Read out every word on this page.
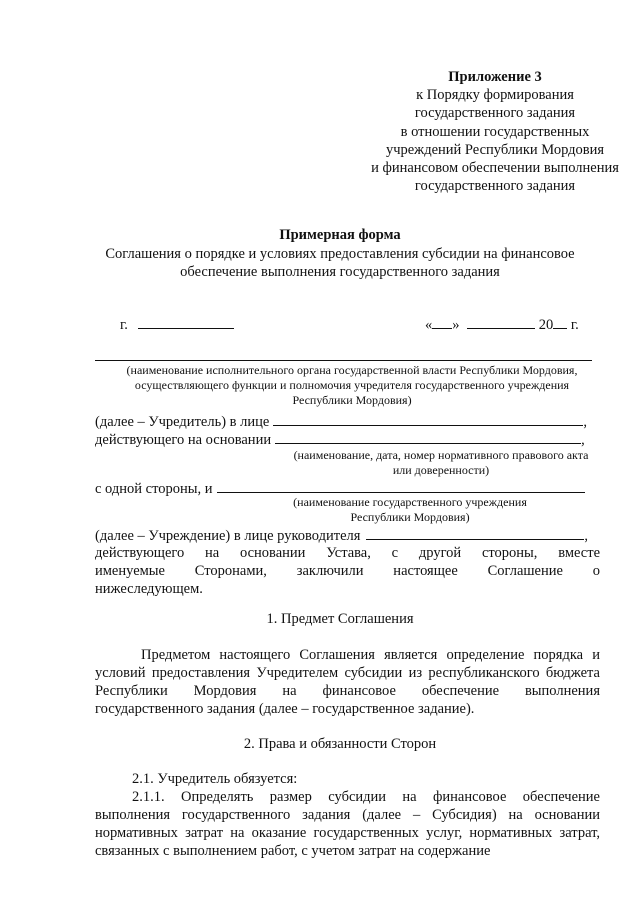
Приложение 3
к Порядку формирования
государственного задания
в отношении государственных
учреждений Республики Мордовия
и финансовом обеспечении выполнения
государственного задания
Примерная форма
Соглашения о порядке и условиях предоставления субсидии на финансовое обеспечение выполнения государственного задания
г.	« »	20 г.
(наименование исполнительного органа государственной власти Республики Мордовия, осуществляющего функции и полномочия учредителя государственного учреждения Республики Мордовия)
(далее – Учредитель) в лице	,
действующего на основании	,
(наименование, дата, номер нормативного правового акта или доверенности)
с одной стороны, и
(наименование государственного учреждения Республики Мордовия)
(далее – Учреждение) в лице руководителя	,
действующего на основании Устава, с другой стороны, вместе
именуемые Сторонами, заключили настоящее Соглашение о
нижеследующем.
1. Предмет Соглашения
Предметом настоящего Соглашения является определение порядка и условий предоставления Учредителем субсидии из республиканского бюджета Республики Мордовия на финансовое обеспечение выполнения государственного задания (далее – государственное задание).
2. Права и обязанности Сторон
2.1. Учредитель обязуется:
2.1.1. Определять размер субсидии на финансовое обеспечение выполнения государственного задания (далее – Субсидия) на основании нормативных затрат на оказание государственных услуг, нормативных затрат, связанных с выполнением работ, с учетом затрат на содержание
